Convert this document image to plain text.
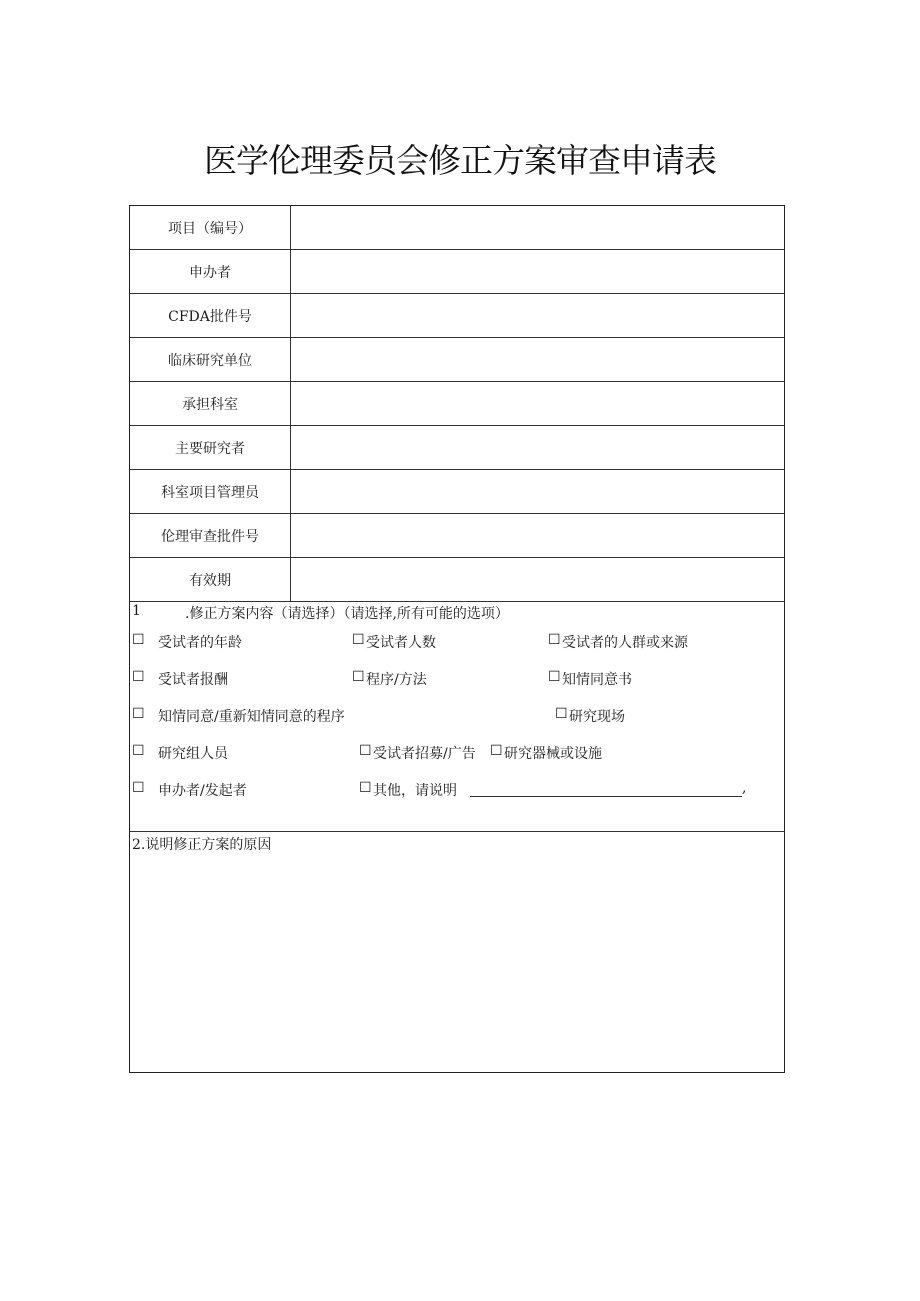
医学伦理委员会修正方案审查申请表
项目（编号）
申办者
CFDA批件号
临床研究单位
承担科室
主要研究者
科室项目管理员
伦理审查批件号
有效期
1	.修正方案内容（请选择）（请选择,所有可能的选项）
☐ 受试者的年龄	☐ 受试者人数	☐ 受试者的人群或来源
☐ 受试者报酬	☐ 程序/方法	☐ 知情同意书
☐ 知情同意/重新知情同意的程序	☐ 研究现场
☐ 研究组人员	☐ 受试者招募/广告 ☐ 研究器械或设施
☐ 申办者/发起者	☐ 其他，请说明	,
2.说明修正方案的原因
